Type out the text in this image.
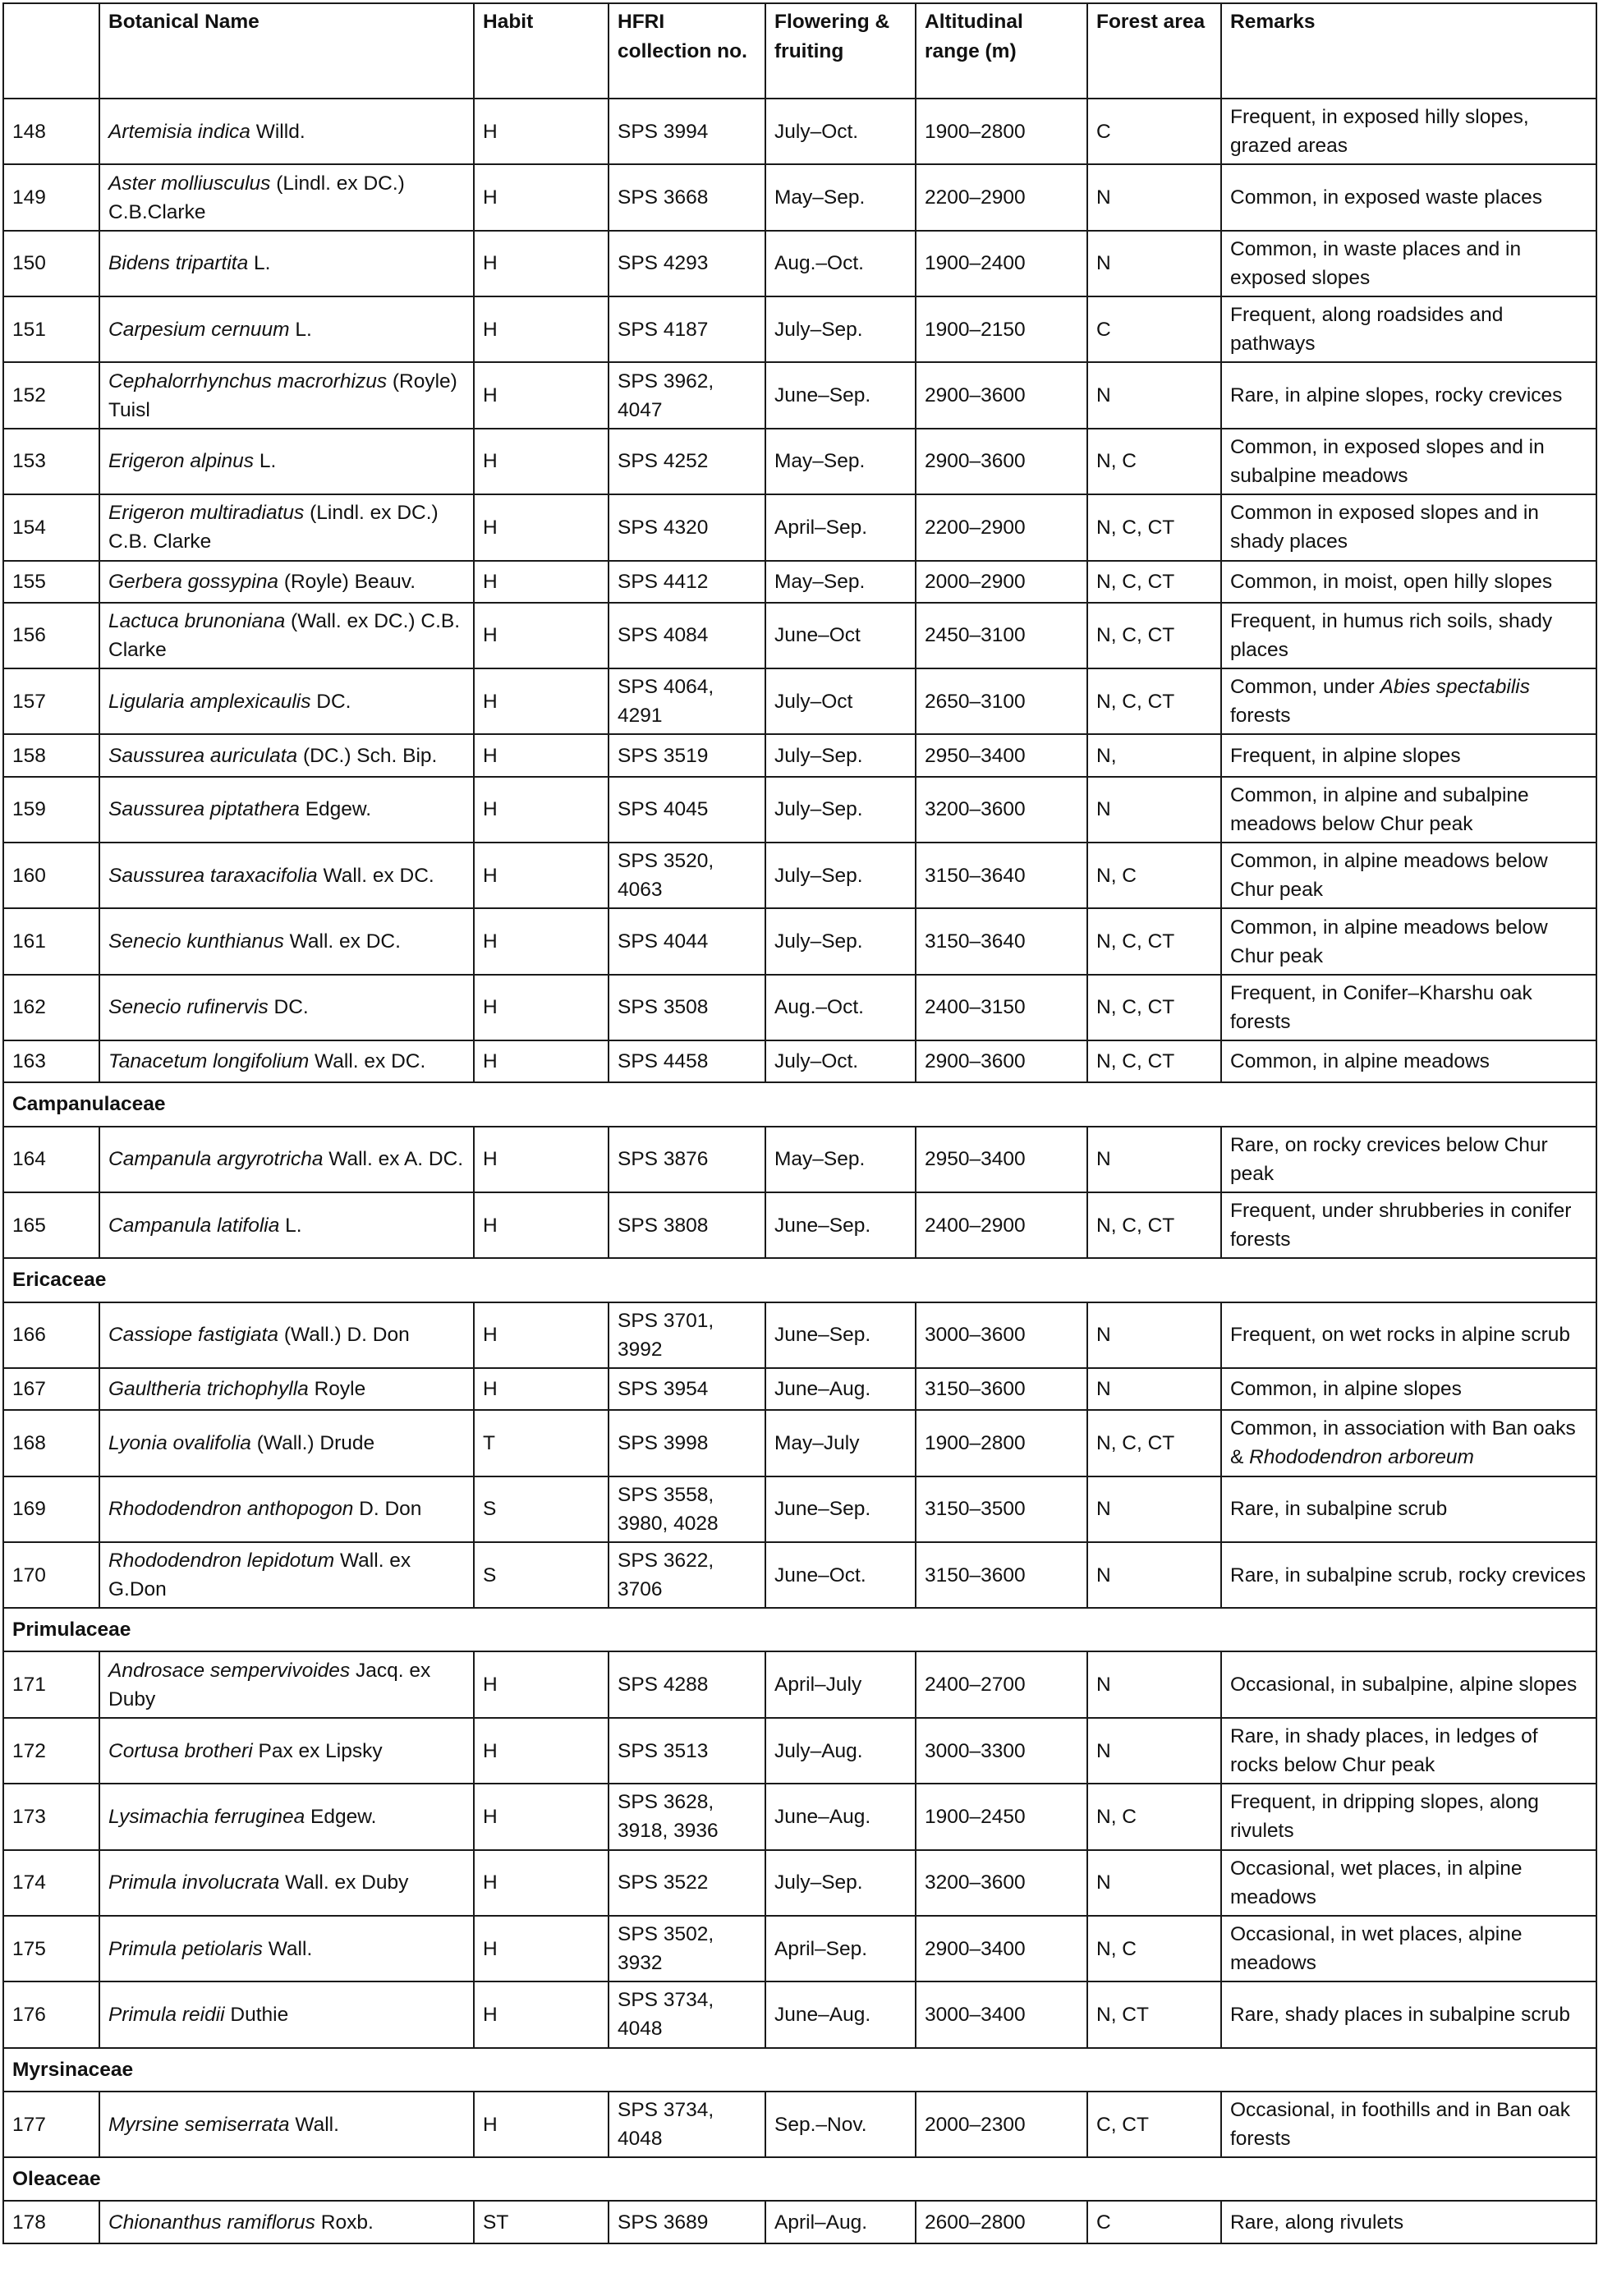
	Botanical Name	Habit	HFRI collection no.	Flowering & fruiting	Altitudinal range (m)	Forest area	Remarks
148	Artemisia indica Willd.	H	SPS 3994	July–Oct.	1900–2800	C	Frequent, in exposed hilly slopes, grazed areas
149	Aster molliusculus (Lindl. ex DC.) C.B.Clarke	H	SPS 3668	May–Sep.	2200–2900	N	Common, in exposed waste places
150	Bidens tripartita L.	H	SPS 4293	Aug.–Oct.	1900–2400	N	Common, in waste places and in exposed slopes
151	Carpesium cernuum L.	H	SPS 4187	July–Sep.	1900–2150	C	Frequent, along roadsides and pathways
152	Cephalorrhynchus macrorhizus (Royle) Tuisl	H	SPS 3962, 4047	June–Sep.	2900–3600	N	Rare, in alpine slopes, rocky crevices
153	Erigeron alpinus L.	H	SPS 4252	May–Sep.	2900–3600	N, C	Common, in exposed slopes and in subalpine meadows
154	Erigeron multiradiatus (Lindl. ex DC.) C.B. Clarke	H	SPS 4320	April–Sep.	2200–2900	N, C, CT	Common in exposed slopes and in shady places
155	Gerbera gossypina (Royle) Beauv.	H	SPS 4412	May–Sep.	2000–2900	N, C, CT	Common, in moist, open hilly slopes
156	Lactuca brunoniana (Wall. ex DC.) C.B. Clarke	H	SPS 4084	June–Oct	2450–3100	N, C, CT	Frequent, in humus rich soils, shady places
157	Ligularia amplexicaulis DC.	H	SPS 4064, 4291	July–Oct	2650–3100	N, C, CT	Common, under Abies spectabilis forests
158	Saussurea auriculata (DC.) Sch. Bip.	H	SPS 3519	July–Sep.	2950–3400	N,	Frequent, in alpine slopes
159	Saussurea piptathera Edgew.	H	SPS 4045	July–Sep.	3200–3600	N	Common, in alpine and subalpine meadows below Chur peak
160	Saussurea taraxacifolia Wall. ex DC.	H	SPS 3520, 4063	July–Sep.	3150–3640	N, C	Common, in alpine meadows below Chur peak
161	Senecio kunthianus Wall. ex DC.	H	SPS 4044	July–Sep.	3150–3640	N, C, CT	Common, in alpine meadows below Chur peak
162	Senecio rufinervis DC.	H	SPS 3508	Aug.–Oct.	2400–3150	N, C, CT	Frequent, in Conifer–Kharshu oak forests
163	Tanacetum longifolium Wall. ex DC.	H	SPS 4458	July–Oct.	2900–3600	N, C, CT	Common, in alpine meadows
Campanulaceae							
164	Campanula argyrotricha Wall. ex A. DC.	H	SPS 3876	May–Sep.	2950–3400	N	Rare, on rocky crevices below Chur peak
165	Campanula latifolia L.	H	SPS 3808	June–Sep.	2400–2900	N, C, CT	Frequent, under shrubberies in conifer forests
Ericaceae							
166	Cassiope fastigiata (Wall.) D. Don	H	SPS 3701, 3992	June–Sep.	3000–3600	N	Frequent, on wet rocks in alpine scrub
167	Gaultheria trichophylla Royle	H	SPS 3954	June–Aug.	3150–3600	N	Common, in alpine slopes
168	Lyonia ovalifolia (Wall.) Drude	T	SPS 3998	May–July	1900–2800	N, C, CT	Common, in association with Ban oaks & Rhododendron arboreum
169	Rhododendron anthopogon D. Don	S	SPS 3558, 3980, 4028	June–Sep.	3150–3500	N	Rare, in subalpine scrub
170	Rhododendron lepidotum Wall. ex G.Don	S	SPS 3622, 3706	June–Oct.	3150–3600	N	Rare, in subalpine scrub, rocky crevices
Primulaceae							
171	Androsace sempervivoides Jacq. ex Duby	H	SPS 4288	April–July	2400–2700	N	Occasional, in subalpine, alpine slopes
172	Cortusa brotheri Pax ex Lipsky	H	SPS 3513	July–Aug.	3000–3300	N	Rare, in shady places, in ledges of rocks below Chur peak
173	Lysimachia ferruginea Edgew.	H	SPS 3628, 3918, 3936	June–Aug.	1900–2450	N, C	Frequent, in dripping slopes, along rivulets
174	Primula involucrata Wall. ex Duby	H	SPS 3522	July–Sep.	3200–3600	N	Occasional, wet places, in alpine meadows
175	Primula petiolaris Wall.	H	SPS 3502, 3932	April–Sep.	2900–3400	N, C	Occasional, in wet places, alpine meadows
176	Primula reidii Duthie	H	SPS 3734, 4048	June–Aug.	3000–3400	N, CT	Rare, shady places in subalpine scrub
Myrsinaceae							
177	Myrsine semiserrata Wall.	H	SPS 3734, 4048	Sep.–Nov.	2000–2300	C, CT	Occasional, in foothills and in Ban oak forests
Oleaceae							
178	Chionanthus ramiflorus Roxb.	ST	SPS 3689	April–Aug.	2600–2800	C	Rare, along rivulets
